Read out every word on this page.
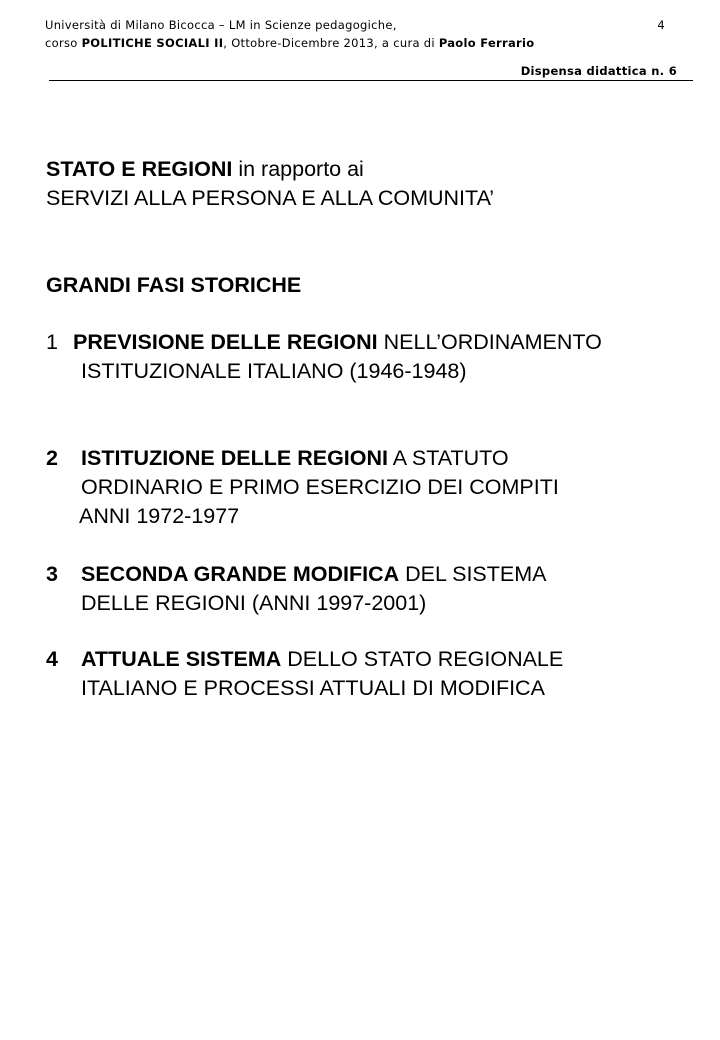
Università di Milano Bicocca – LM in Scienze pedagogiche,
corso POLITICHE SOCIALI II, Ottobre-Dicembre 2013, a cura di Paolo Ferrario
4
Dispensa didattica n. 6
STATO E REGIONI in rapporto ai
SERVIZI ALLA PERSONA E ALLA COMUNITA’
GRANDI FASI STORICHE
1 PREVISIONE DELLE REGIONI NELL’ORDINAMENTO
ISTITUZIONALE ITALIANO (1946-1948)
2 ISTITUZIONE DELLE REGIONI A STATUTO
ORDINARIO E PRIMO ESERCIZIO DEI COMPITI
ANNI 1972-1977
3 SECONDA GRANDE MODIFICA DEL SISTEMA
DELLE REGIONI (ANNI 1997-2001)
4 ATTUALE SISTEMA DELLO STATO REGIONALE
ITALIANO E PROCESSI ATTUALI DI MODIFICA
